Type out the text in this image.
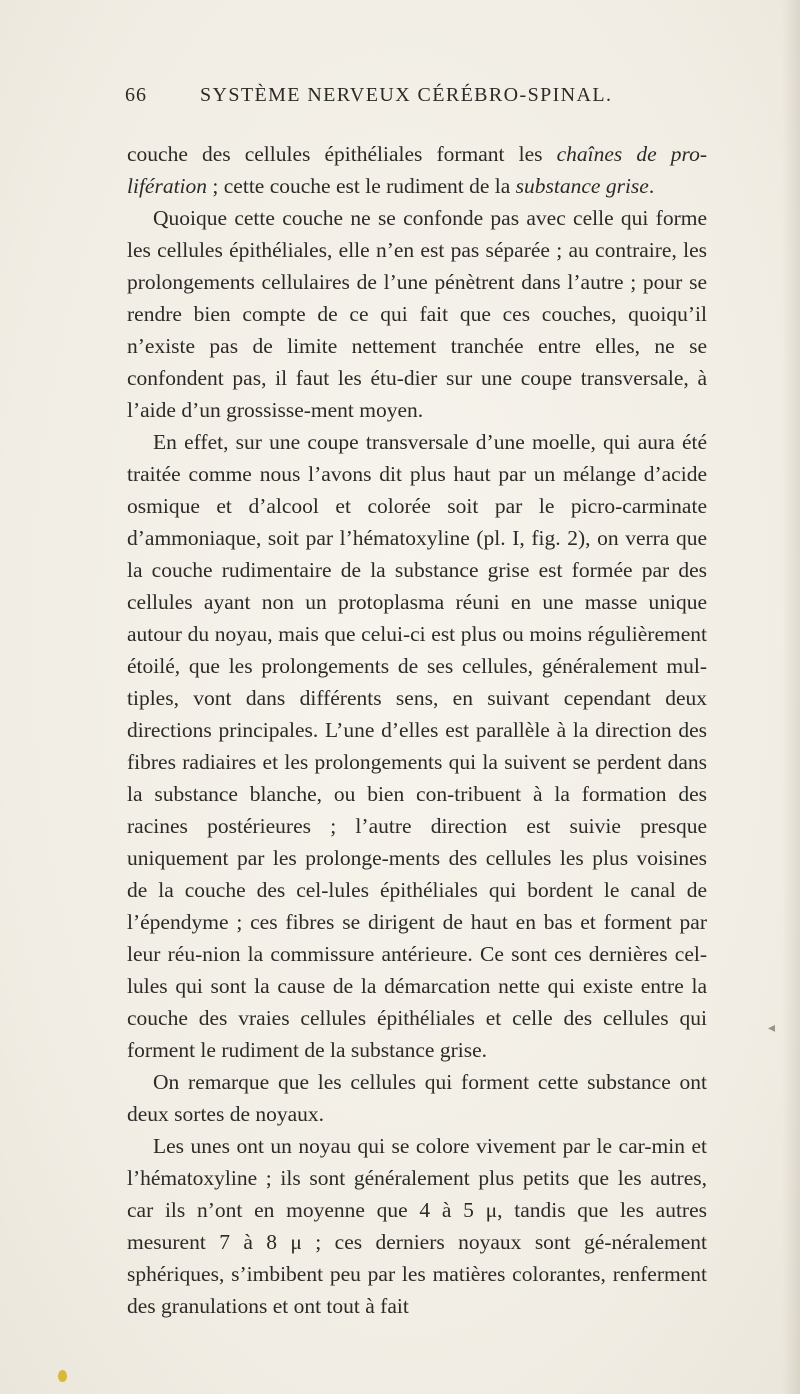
66	SYSTÈME NERVEUX CÉRÉBRO-SPINAL.

couche des cellules épithéliales formant les chaînes de pro-lifération ; cette couche est le rudiment de la substance grise.

Quoique cette couche ne se confonde pas avec celle qui forme les cellules épithéliales, elle n’en est pas séparée ; au contraire, les prolongements cellulaires de l’une pénètrent dans l’autre ; pour se rendre bien compte de ce qui fait que ces couches, quoiqu’il n’existe pas de limite nettement tranchée entre elles, ne se confondent pas, il faut les étu-dier sur une coupe transversale, à l’aide d’un grossisse-ment moyen.

En effet, sur une coupe transversale d’une moelle, qui aura été traitée comme nous l’avons dit plus haut par un mélange d’acide osmique et d’alcool et colorée soit par le picro-carminate d’ammoniaque, soit par l’hématoxyline (pl. I, fig. 2), on verra que la couche rudimentaire de la substance grise est formée par des cellules ayant non un protoplasma réuni en une masse unique autour du noyau, mais que celui-ci est plus ou moins régulièrement étoilé, que les prolongements de ses cellules, généralement mul-tiples, vont dans différents sens, en suivant cependant deux directions principales. L’une d’elles est parallèle à la direction des fibres radiaires et les prolongements qui la suivent se perdent dans la substance blanche, ou bien con-tribuent à la formation des racines postérieures ; l’autre direction est suivie presque uniquement par les prolonge-ments des cellules les plus voisines de la couche des cel-lules épithéliales qui bordent le canal de l’épendyme ; ces fibres se dirigent de haut en bas et forment par leur réu-nion la commissure antérieure. Ce sont ces dernières cel-lules qui sont la cause de la démarcation nette qui existe entre la couche des vraies cellules épithéliales et celle des cellules qui forment le rudiment de la substance grise.

On remarque que les cellules qui forment cette substance ont deux sortes de noyaux.

Les unes ont un noyau qui se colore vivement par le car-min et l’hématoxyline ; ils sont généralement plus petits que les autres, car ils n’ont en moyenne que 4 à 5 μ, tandis que les autres mesurent 7 à 8 μ ; ces derniers noyaux sont gé-néralement sphériques, s’imbibent peu par les matières colorantes, renferment des granulations et ont tout à fait

◂
